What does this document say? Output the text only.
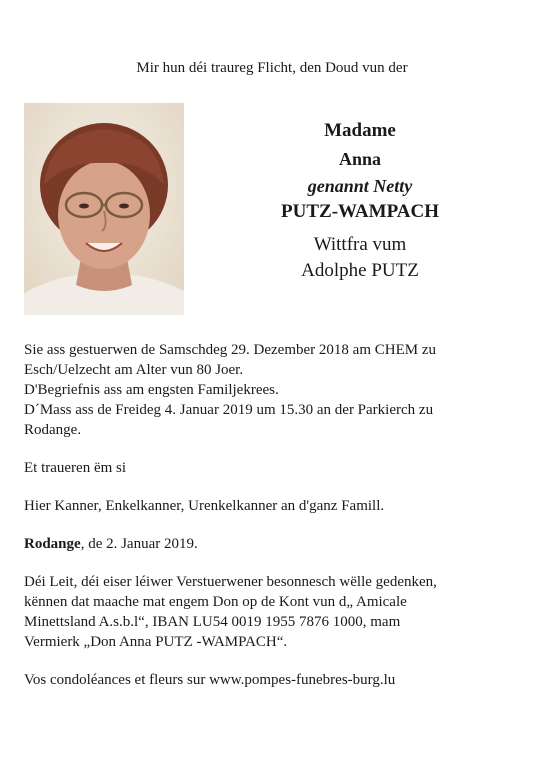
Mir hun déi traureg Flicht, den Doud vun der
Madame
Anna
genannt Netty
PUTZ-WAMPACH
Wittfra vum
Adolphe PUTZ

Sie ass gestuerwen de Samschdeg 29. Dezember 2018 am CHEM zu

Esch/Uelzecht am Alter vun 80 Joer.

D'Begriefnis ass am engsten Familjekrees.

D´Mass ass de Freideg 4. Januar 2019 um 15.30 an der Parkierch zu

Rodange.

Et traueren ëm si

Hier Kanner, Enkelkanner, Urenkelkanner an d'ganz Famill.

Rodange, de 2. Januar 2019.

Déi Leit, déi eiser léiwer Verstuerwener besonnesch wëlle gedenken,

kënnen dat maache mat engem Don op de Kont vun d„ Amicale

Minettsland A.s.b.l“, IBAN LU54 0019 1955 7876 1000, mam

Vermierk „Don Anna PUTZ -WAMPACH“.

Vos condoléances et fleurs sur www.pompes-funebres-burg.lu
